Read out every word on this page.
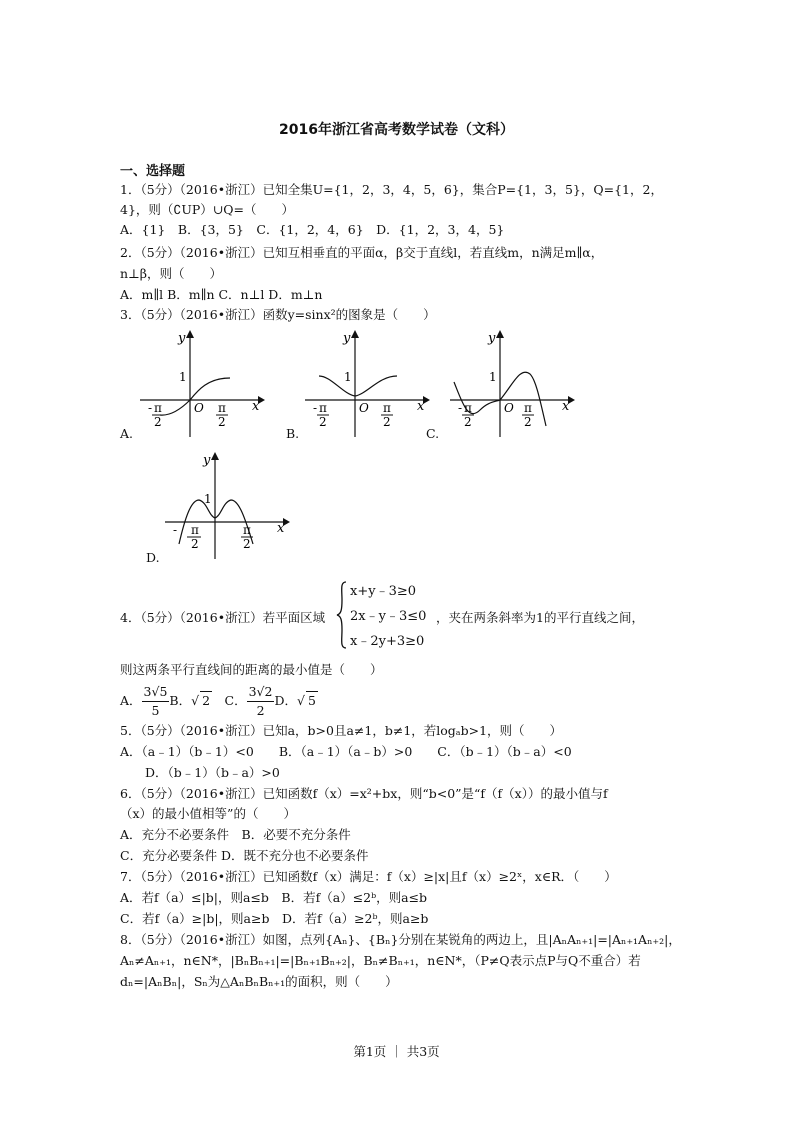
2016年浙江省高考数学试卷（文科）
一、选择题
1．（5分）（2016•浙江）已知全集U={1，2，3，4，5，6}，集合P={1，3，5}，Q={1，2，
4}，则（∁UP）∪Q=（　　）
A．{1}　B．{3，5}　C．{1，2，4，6}　D．{1，2，3，4，5}
2．（5分）（2016•浙江）已知互相垂直的平面α，β交于直线l，若直线m，n满足m∥α，
n⊥β，则（　　）
A．m∥l B．m∥n C．n⊥l D．m⊥n
3．（5分）（2016•浙江）函数y=sinx²的图象是（　　）
y
x
1
O
- π
2
π
2
A.
y
x
1
O
- π
2
π
2
B.
y
x
1
O
- π
2
π
2
C.
y
x
1
- π
2
π
2
D.
4．（5分）（2016•浙江）若平面区域
x+y﹣3≥0
2x﹣y﹣3≤0
x﹣2y+3≥0
，夹在两条斜率为1的平行直线之间，
则这两条平行直线间的距离的最小值是（　　）
A． $\frac{3√5}{5}$ B．√ 2　 C． $\frac{3√2}{2}$ D．√ 5
5．（5分）（2016•浙江）已知a，b>0且a≠1，b≠1，若logₐb>1，则（　　）
A．（a﹣1）（b﹣1）<0　　B．（a﹣1）（a﹣b）>0　　C．（b﹣1）（b﹣a）<0
D．（b﹣1）（b﹣a）>0
6．（5分）（2016•浙江）已知函数f（x）=x²+bx，则“b<0”是“f（f（x））的最小值与f
（x）的最小值相等”的（　　）
A．充分不必要条件　B．必要不充分条件
C．充分必要条件 D．既不充分也不必要条件
7．（5分）（2016•浙江）已知函数f（x）满足：f（x）≥|x|且f（x）≥2ˣ，x∈R．（　　）
A．若f（a）≤|b|，则a≤b　B．若f（a）≤2ᵇ，则a≤b
C．若f（a）≥|b|，则a≥b　D．若f（a）≥2ᵇ，则a≥b
8．（5分）（2016•浙江）如图，点列{Aₙ}、{Bₙ}分别在某锐角的两边上，且|AₙAₙ₊₁|=|Aₙ₊₁Aₙ₊₂|，
Aₙ≠Aₙ₊₁，n∈N*，|BₙBₙ₊₁|=|Bₙ₊₁Bₙ₊₂|，Bₙ≠Bₙ₊₁，n∈N*，（P≠Q表示点P与Q不重合）若
dₙ=|AₙBₙ|，Sₙ为△AₙBₙBₙ₊₁的面积，则（　　）
第1页 ｜ 共3页
